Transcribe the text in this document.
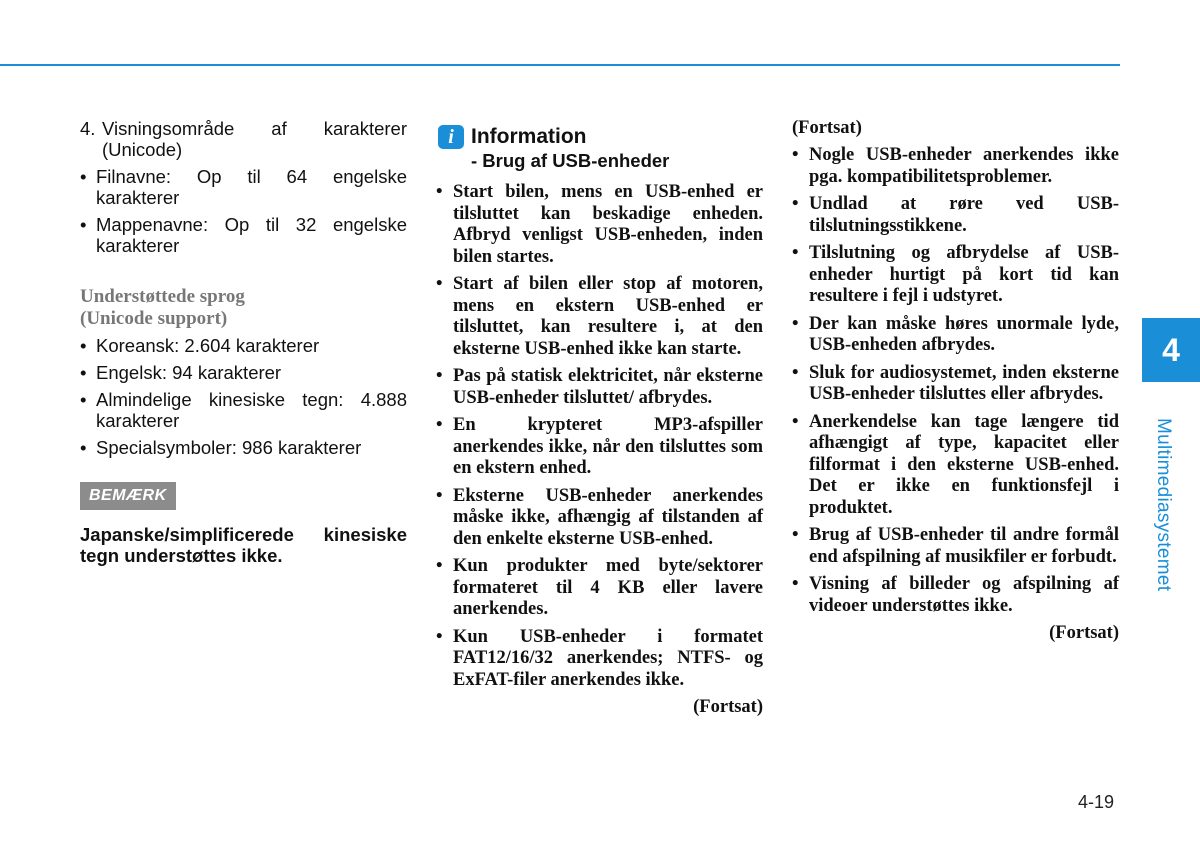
4. Visningsområde af karakterer (Unicode)
• Filnavne: Op til 64 engelske karakterer
• Mappenavne: Op til 32 engelske karakterer
Understøttede sprog
(Unicode support)
• Koreansk: 2.604 karakterer
• Engelsk: 94 karakterer
• Almindelige kinesiske tegn: 4.888 karakterer
• Specialsymboler: 986 karakterer
BEMÆRK
Japanske/simplificerede kinesiske tegn understøttes ikke.
i Information
- Brug af USB-enheder
• Start bilen, mens en USB-enhed er tilsluttet kan beskadige enheden. Afbryd venligst USB-enheden, inden bilen startes.
• Start af bilen eller stop af motoren, mens en ekstern USB-enhed er tilsluttet, kan resultere i, at den eksterne USB-enhed ikke kan starte.
• Pas på statisk elektricitet, når eksterne USB-enheder tilsluttet/ afbrydes.
• En krypteret MP3-afspiller anerkendes ikke, når den tilsluttes som en ekstern enhed.
• Eksterne USB-enheder anerkendes måske ikke, afhængig af tilstanden af den enkelte eksterne USB-enhed.
• Kun produkter med byte/sektorer formateret til 4 KB eller lavere anerkendes.
• Kun USB-enheder i formatet FAT12/16/32 anerkendes; NTFS- og ExFAT-filer anerkendes ikke.
(Fortsat)
(Fortsat)
• Nogle USB-enheder anerkendes ikke pga. kompatibilitetsproblemer.
• Undlad at røre ved USB-tilslutningsstikkene.
• Tilslutning og afbrydelse af USB-enheder hurtigt på kort tid kan resultere i fejl i udstyret.
• Der kan måske høres unormale lyde, USB-enheden afbrydes.
• Sluk for audiosystemet, inden eksterne USB-enheder tilsluttes eller afbrydes.
• Anerkendelse kan tage længere tid afhængigt af type, kapacitet eller filformat i den eksterne USB-enhed. Det er ikke en funktionsfejl i produktet.
• Brug af USB-enheder til andre formål end afspilning af musikfiler er forbudt.
• Visning af billeder og afspilning af videoer understøttes ikke.
(Fortsat)
4
Multimediasystemet
4-19
